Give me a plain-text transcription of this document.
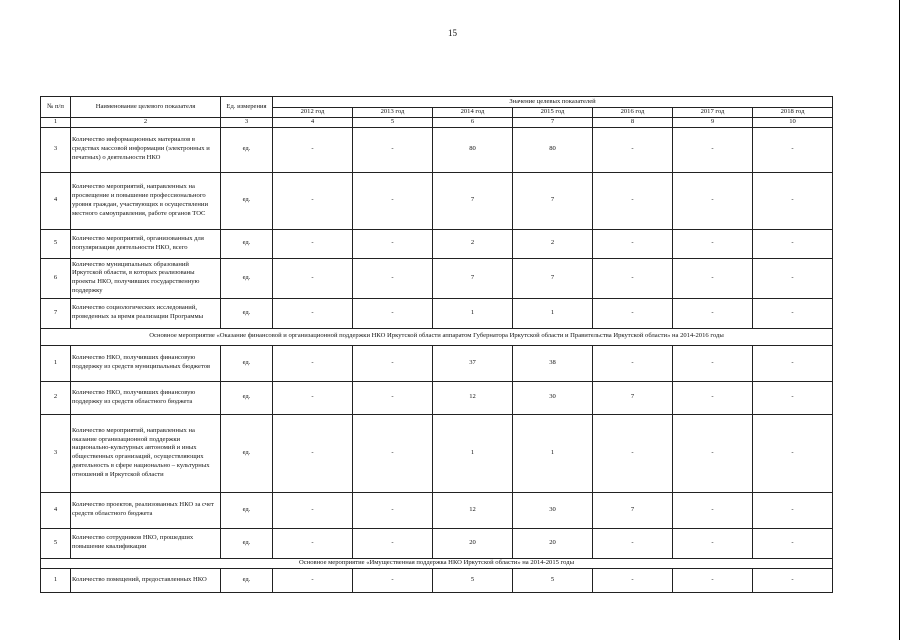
15
№ п/п	Наименование целевого показателя	Ед. измерения	Значение целевых показателей						
			2012 год	2013 год	2014 год	2015 год	2016 год	2017 год	2018 год
1	2	3	4	5	6	7	8	9	10
3	Количество информационных материалов в средствах массовой информации (электронных и печатных) о деятельности НКО	ед.	-	-	80	80	-	-	-
4	Количество мероприятий, направленных на просвещение и повышение профессионального уровня граждан, участвующих в осуществлении местного самоуправления, работе органов ТОС	ед.	-	-	7	7	-	-	-
5	Количество мероприятий, организованных для популяризации деятельности НКО, всего	ед.	-	-	2	2	-	-	-
6	Количество муниципальных образований Иркутской области, в которых реализованы проекты НКО, получивших государственную поддержку	ед.	-	-	7	7	-	-	-
7	Количество социологических исследований, проведенных за время реализации Программы	ед.	-	-	1	1	-	-	-
Основное мероприятие «Оказание финансовой и организационной поддержки НКО Иркутской области аппаратом Губернатора Иркутской области и Правительства Иркутской области» на 2014-2016 годы									
1	Количество НКО, получивших финансовую поддержку из средств муниципальных бюджетов	ед.	-	-	37	38	-	-	-
2	Количество НКО, получивших финансовую поддержку из средств областного бюджета	ед.	-	-	12	30	7	-	-
3	Количество мероприятий, направленных на оказание организационной поддержки национально-культурных автономий и иных общественных организаций, осуществляющих деятельность в сфере национально – культурных отношений в Иркутской области	ед.	-	-	1	1	-	-	-
4	Количество проектов, реализованных НКО за счет средств областного бюджета	ед.	-	-	12	30	7	-	-
5	Количество сотрудников НКО, прошедших повышение квалификации	ед.	-	-	20	20	-	-	-
Основное мероприятие «Имущественная поддержка НКО Иркутской области» на 2014-2015 годы									
1	Количество помещений, предоставленных НКО	ед.	-	-	5	5	-	-	-
